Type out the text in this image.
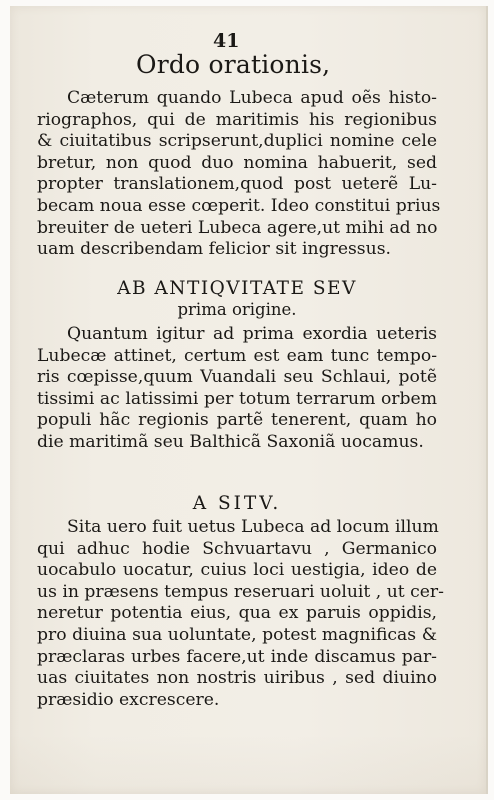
41
Ordo orationis,
Cæterum quando Lubeca apud oẽs histo-
riographos, qui de maritimis his regionibus
& ciuitatibus scripserunt,duplici nomine cele
bretur, non quod duo nomina habuerit, sed
propter translationem,quod post ueterẽ Lu-
becam noua esse cœperit. Ideo constitui prius
breuiter de ueteri Lubeca agere,ut mihi ad no
uam describendam felicior sit ingressus.
AB ANTIQVITATE SEV
prima origine.
Quantum igitur ad prima exordia ueteris
Lubecæ attinet, certum est eam tunc tempo-
ris cœpisse,quum Vuandali seu Schlaui, potẽ
tissimi ac latissimi per totum terrarum orbem
populi hãc regionis partẽ tenerent, quam ho
die maritimã seu Balthicã Saxoniã uocamus.
A SITV.
Sita uero fuit uetus Lubeca ad locum illum
qui adhuc hodie Schvuartavu , Germanico
uocabulo uocatur, cuius loci uestigia, ideo de
us in præsens tempus reseruari uoluit , ut cer-
neretur potentia eius, qua ex paruis oppidis,
pro diuina sua uoluntate, potest magnificas &
præclaras urbes facere,ut inde discamus par-
uas ciuitates non nostris uiribus , sed diuino
præsidio excrescere.
